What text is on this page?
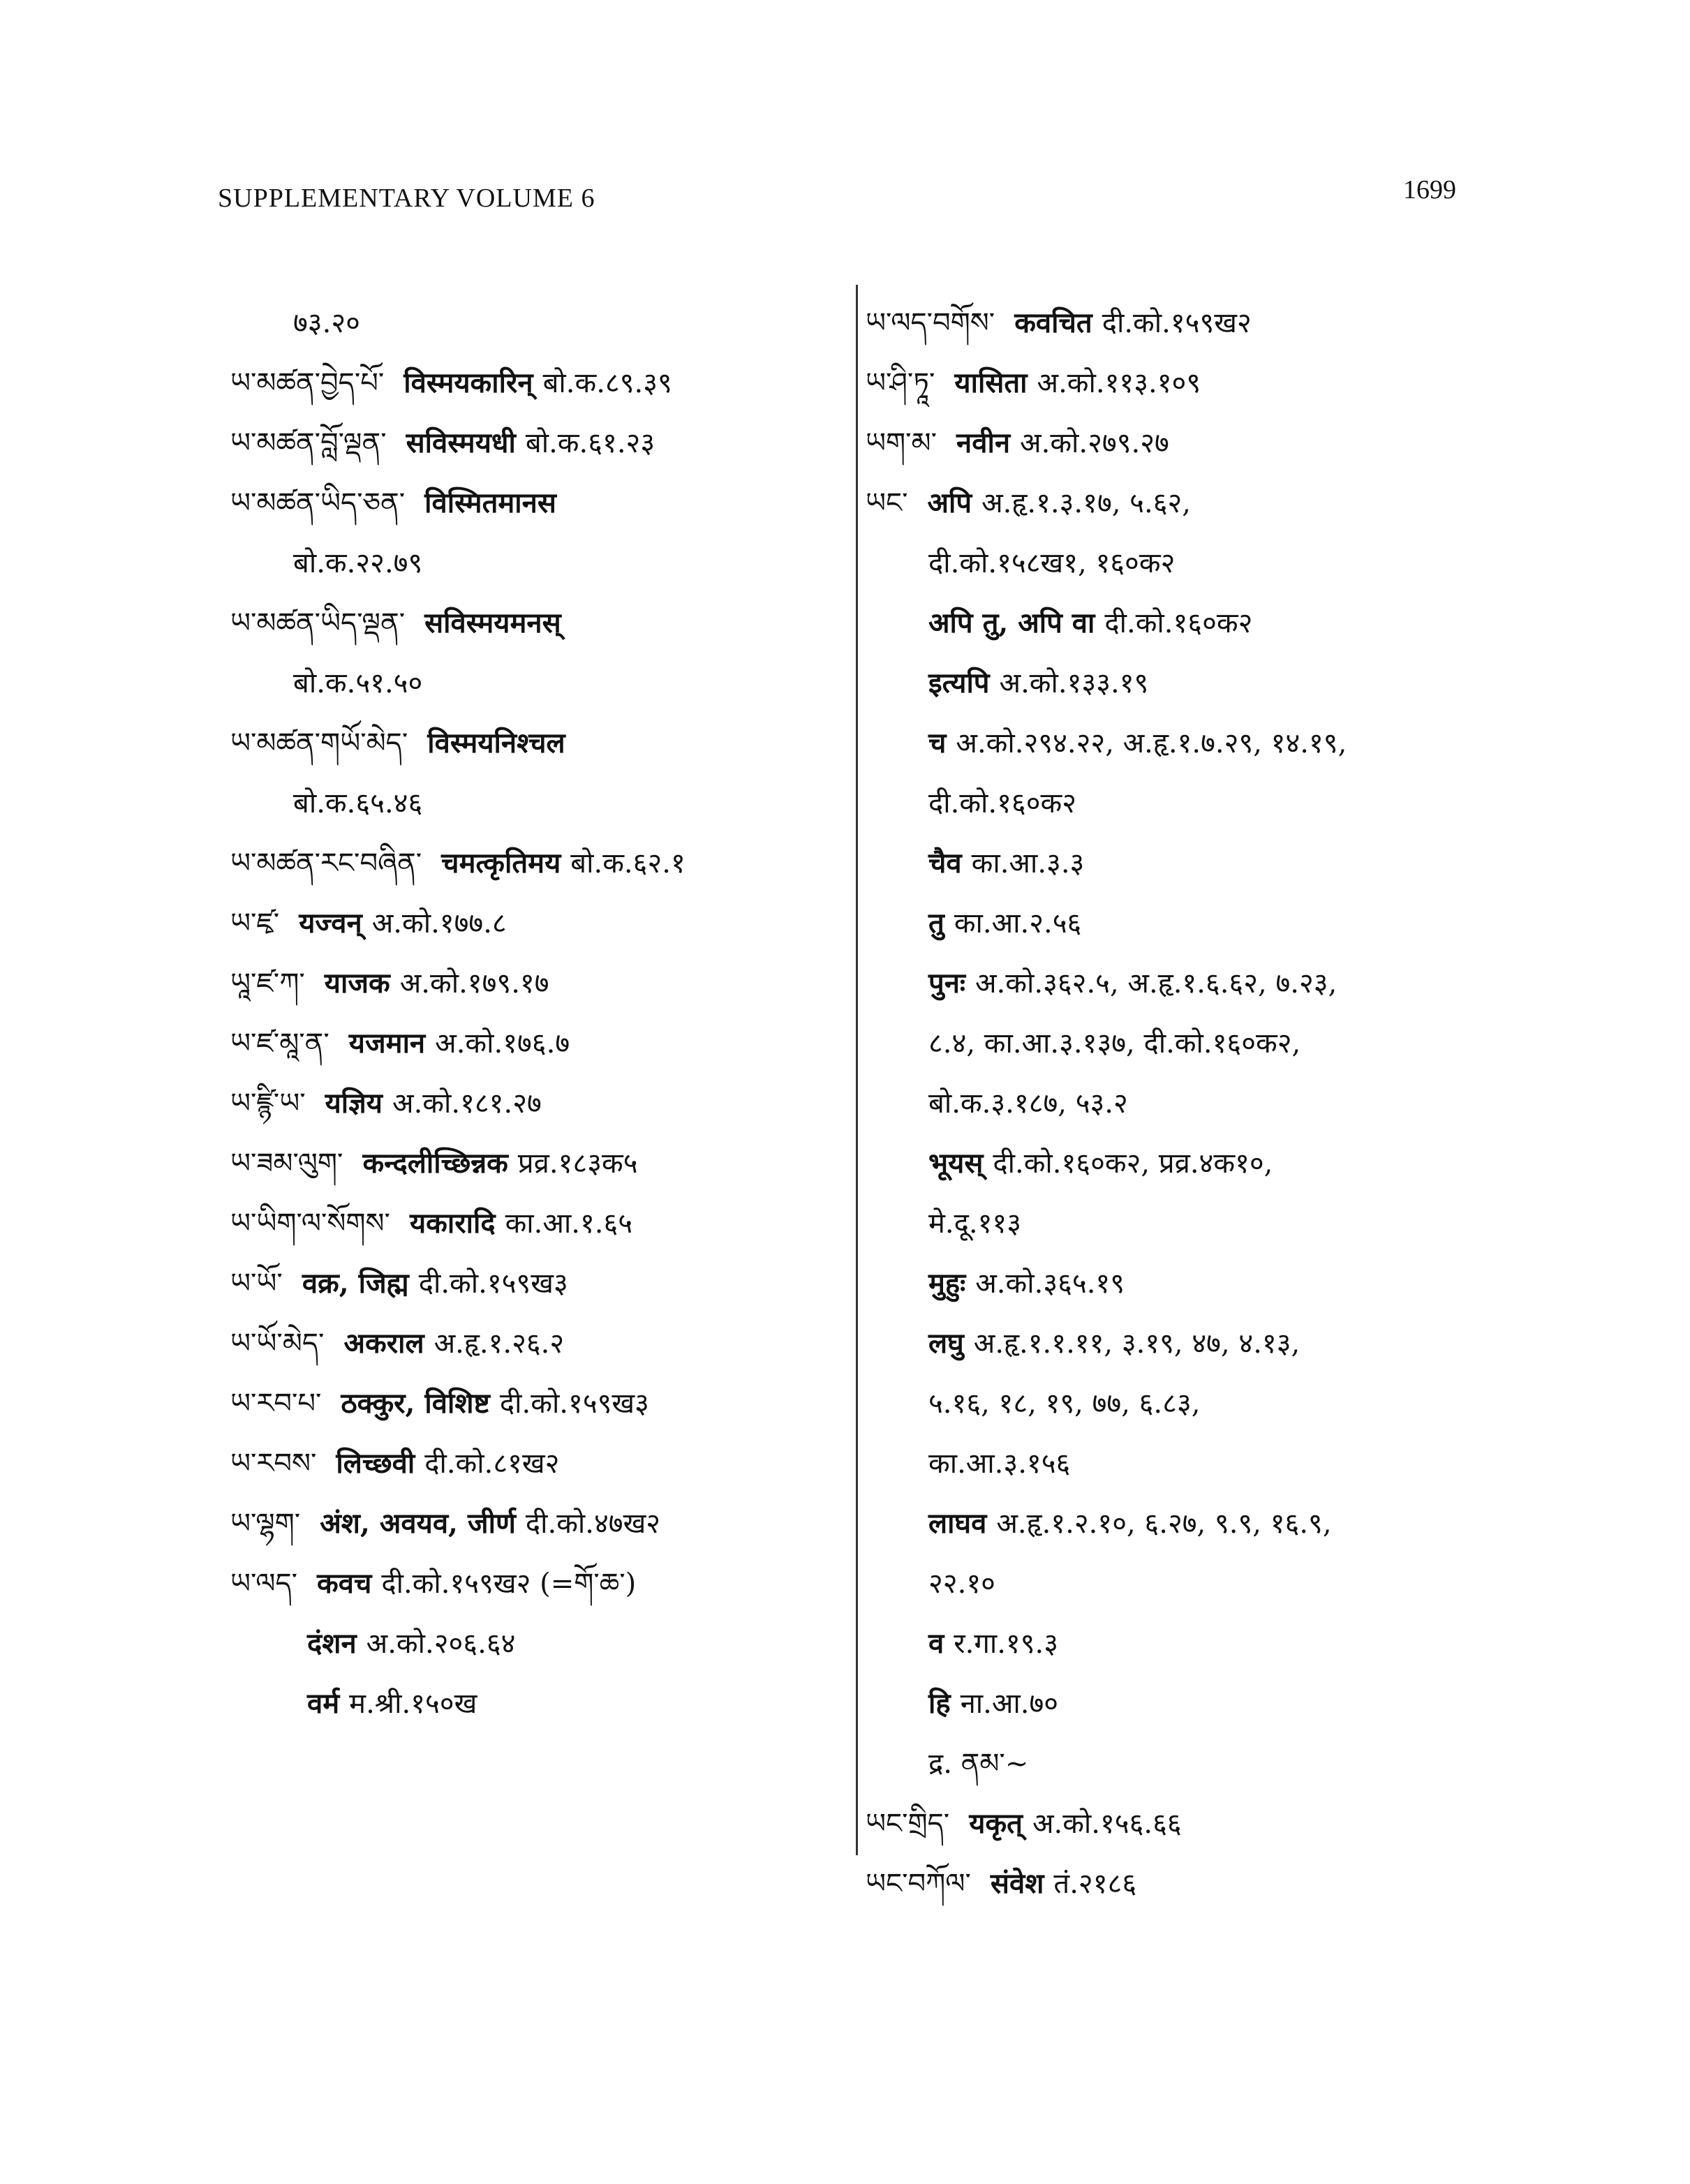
SUPPLEMENTARY VOLUME 6	1699
७३.२०
ཡ་མཚན་བྱེད་པོ་ विस्मयकारिन् बो.क.८९.३९
ཡ་མཚན་བློ་ལྡན་ सविस्मयधी बो.क.६१.२३
ཡ་མཚན་ཡིད་ཅན་ विस्मितमानस
बो.क.२२.७९
ཡ་མཚན་ཡིད་ལྡན་ सविस्मयमनस्
बो.क.५१.५०
ཡ་མཚན་གཡོ་མེད་ विस्मयनिश्चल
बो.क.६५.४६
ཡ་མཚན་རང་བཞིན་ चमत्कृतिमय बो.क.६२.१
ཡ་ཛྭ་ यज्वन् अ.को.१७७.८
ཡཱ་ཛ་ཀ་ याजक अ.को.१७९.१७
ཡ་ཛ་མཱ་ན་ यजमान अ.को.१७६.७
ཡ་ཛྙི་ཡ་ यज्ञिय अ.को.१८१.२७
ཡ་ཟམ་ལུག་ कन्दलीच्छिन्नक प्रव्र.१८३क५
ཡ་ཡིག་ལ་སོགས་ यकारादि का.आ.१.६५
ཡ་ཡོ་ वक्र, जिह्म दी.को.१५९ख३
ཡ་ཡོ་མེད་ अकराल अ.हृ.१.२६.२
ཡ་རབ་པ་ ठक्कुर, विशिष्ट दी.को.१५९ख३
ཡ་རབས་ लिच्छवी दी.को.८१ख२
ཡ་ལྷག་ अंश, अवयव, जीर्ण दी.को.४७ख२
ཡ་ལད་ कवच दी.को.१५९ख२ (=གོ་ཆ་)
दंशन अ.को.२०६.६४
वर्म म.श्री.१५०ख
ཡ་ལད་བགོས་ कवचित दी.को.१५९ख२
ཡ་ཤི་ཏཱ་ यासिता अ.को.११३.१०९
ཡག་མ་ नवीन अ.को.२७९.२७
ཡང་ अपि अ.हृ.१.३.१७, ५.६२,
दी.को.१५८ख१, १६०क२
अपि तु, अपि वा दी.को.१६०क२
इत्यपि अ.को.१३३.१९
च अ.को.२९४.२२, अ.हृ.१.७.२९, १४.१९,
दी.को.१६०क२
चैव का.आ.३.३
तु का.आ.२.५६
पुनः अ.को.३६२.५, अ.हृ.१.६.६२, ७.२३,
८.४, का.आ.३.१३७, दी.को.१६०क२,
बो.क.३.१८७, ५३.२
भूयस् दी.को.१६०क२, प्रव्र.४क१०,
मे.दू.११३
मुहुः अ.को.३६५.१९
लघु अ.हृ.१.१.११, ३.१९, ४७, ४.१३,
५.१६, १८, १९, ७७, ६.८३,
का.आ.३.१५६
लाघव अ.हृ.१.२.१०, ६.२७, ९.९, १६.९,
२२.१०
व र.गा.१९.३
हि ना.आ.७०
द्र. ནམ་~
ཡང་གྲིད་ यकृत् अ.को.१५६.६६
ཡང་བཀོལ་ संवेश तं.२१८६
